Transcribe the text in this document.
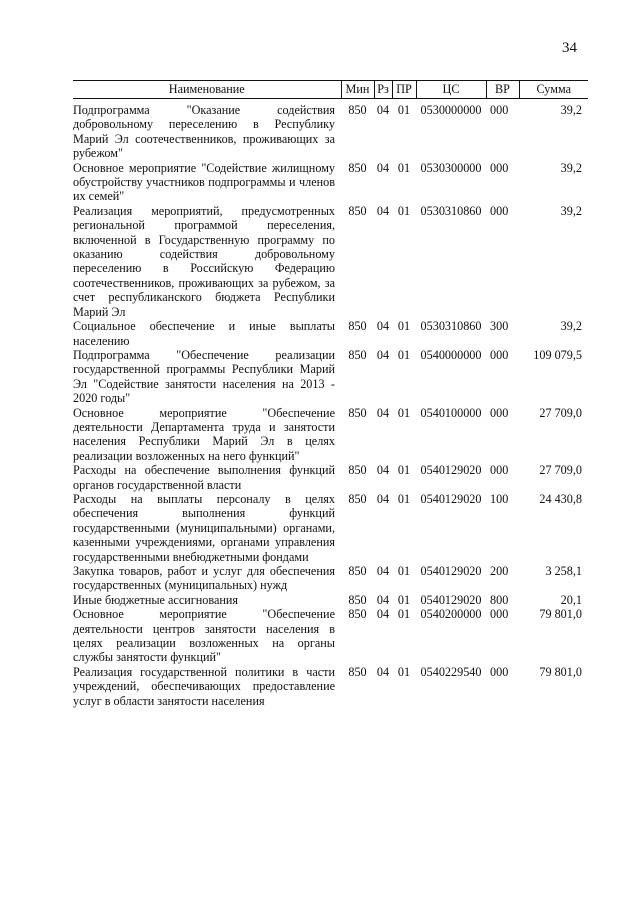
34
Наименование	Мин	Рз	ПР	ЦС	ВР	Сумма
Подпрограмма "Оказание содействия добровольному переселению в Республику Марий Эл соотечественников, проживающих за рубежом"	850	04	01	0530000000	000	39,2
Основное мероприятие "Содействие жилищному обустройству участников подпрограммы и членов их семей"	850	04	01	0530300000	000	39,2
Реализация мероприятий, предусмотренных региональной программой переселения, включенной в Государственную программу по оказанию содействия добровольному переселению в Российскую Федерацию соотечественников, проживающих за рубежом, за счет республиканского бюджета Республики Марий Эл	850	04	01	0530310860	000	39,2
Социальное обеспечение и иные выплаты населению	850	04	01	0530310860	300	39,2
Подпрограмма "Обеспечение реализации государственной программы Республики Марий Эл "Содействие занятости населения на 2013 - 2020 годы"	850	04	01	0540000000	000	109 079,5
Основное мероприятие "Обеспечение деятельности Департамента труда и занятости населения Республики Марий Эл в целях реализации возложенных на него функций"	850	04	01	0540100000	000	27 709,0
Расходы на обеспечение выполнения функций органов государственной власти	850	04	01	0540129020	000	27 709,0
Расходы на выплаты персоналу в целях обеспечения выполнения функций государственными (муниципальными) органами, казенными учреждениями, органами управления государственными внебюджетными фондами	850	04	01	0540129020	100	24 430,8
Закупка товаров, работ и услуг для обеспечения государственных (муниципальных) нужд	850	04	01	0540129020	200	3 258,1
Иные бюджетные ассигнования	850	04	01	0540129020	800	20,1
Основное мероприятие "Обеспечение деятельности центров занятости населения в целях реализации возложенных на органы службы занятости функций"	850	04	01	0540200000	000	79 801,0
Реализация государственной политики в части учреждений, обеспечивающих предоставление услуг в области занятости населения	850	04	01	0540229540	000	79 801,0
